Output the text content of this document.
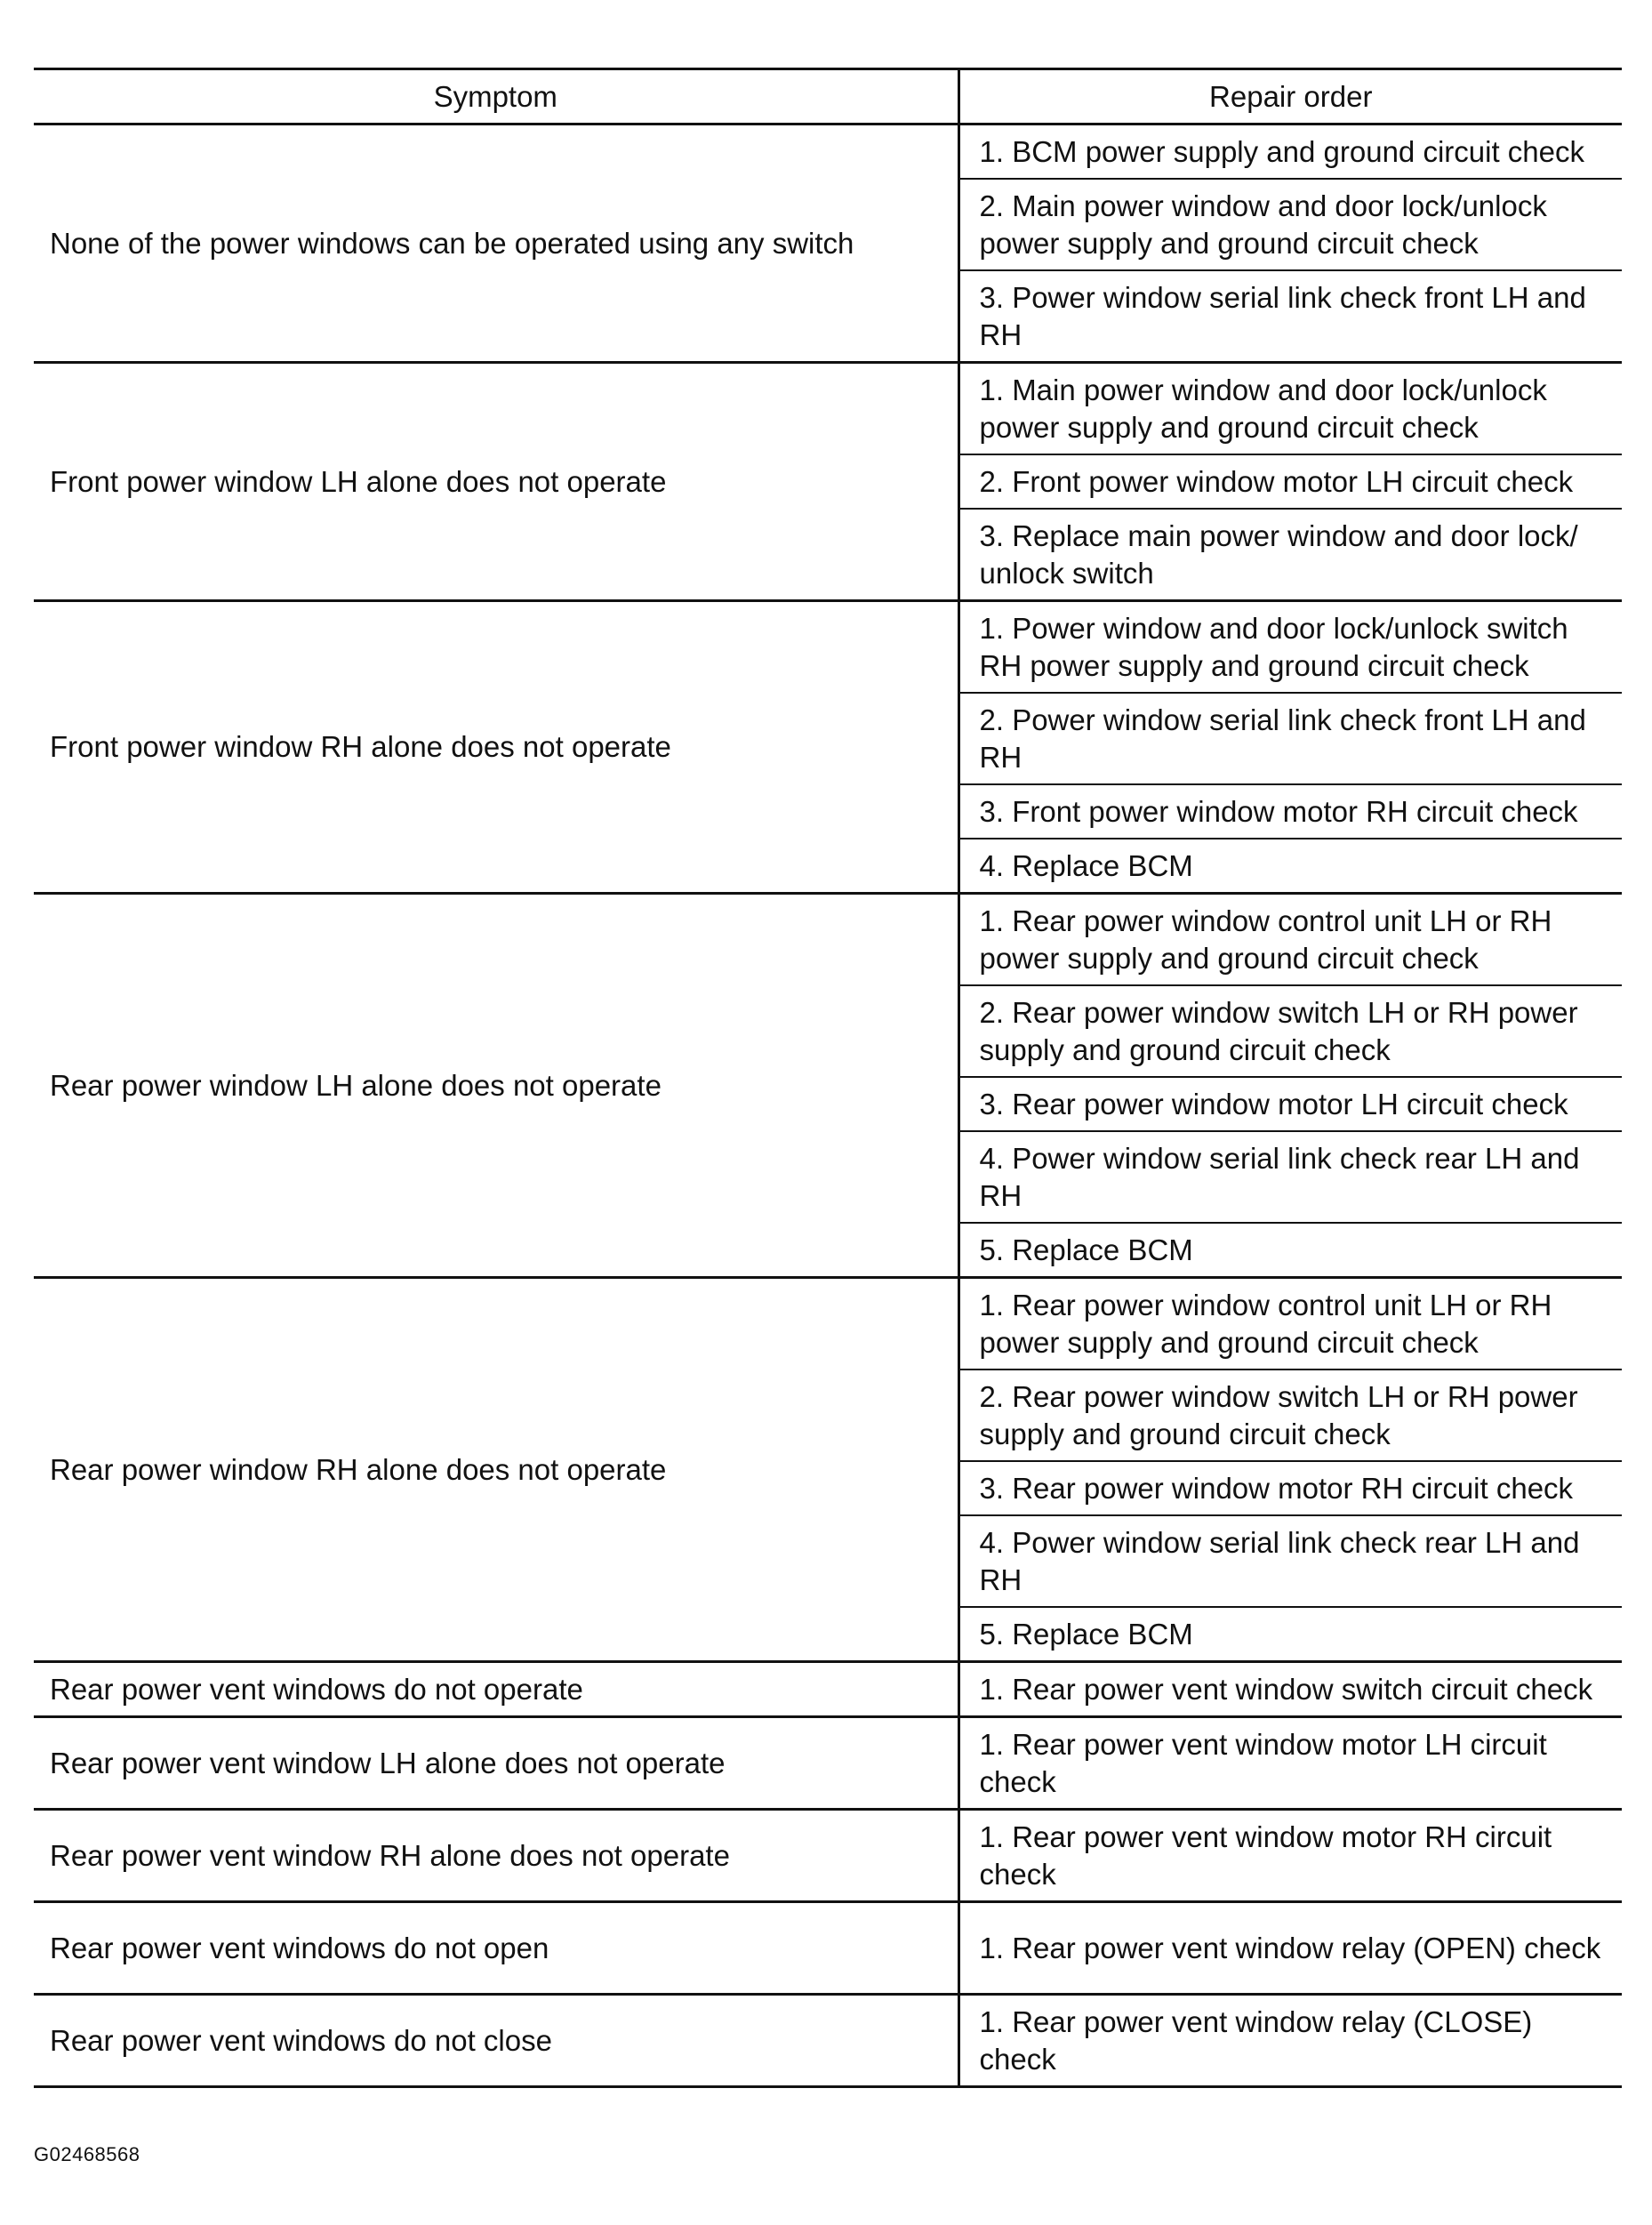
Symptom	Repair order
None of the power windows can be operated using any switch	1. BCM power supply and ground circuit check
	2. Main power window and door lock/unlock power supply and ground circuit check
	3. Power window serial link check front LH and RH
Front power window LH alone does not operate	1. Main power window and door lock/unlock power supply and ground circuit check
	2. Front power window motor LH circuit check
	3. Replace main power window and door lock/ unlock switch
Front power window RH alone does not operate	1. Power window and door lock/unlock switch RH power supply and ground circuit check
	2. Power window serial link check front LH and RH
	3. Front power window motor RH circuit check
	4. Replace BCM
Rear power window LH alone does not operate	1. Rear power window control unit LH or RH power supply and ground circuit check
	2. Rear power window switch LH or RH power supply and ground circuit check
	3. Rear power window motor LH circuit check
	4. Power window serial link check rear LH and RH
	5. Replace BCM
Rear power window RH alone does not operate	1. Rear power window control unit LH or RH power supply and ground circuit check
	2. Rear power window switch LH or RH power supply and ground circuit check
	3. Rear power window motor RH circuit check
	4. Power window serial link check rear LH and RH
	5. Replace BCM
Rear power vent windows do not operate	1. Rear power vent window switch circuit check
Rear power vent window LH alone does not operate	1. Rear power vent window motor LH circuit check
Rear power vent window RH alone does not operate	1. Rear power vent window motor RH circuit check
Rear power vent windows do not open	1. Rear power vent window relay (OPEN) check
Rear power vent windows do not close	1. Rear power vent window relay (CLOSE) check
G02468568
